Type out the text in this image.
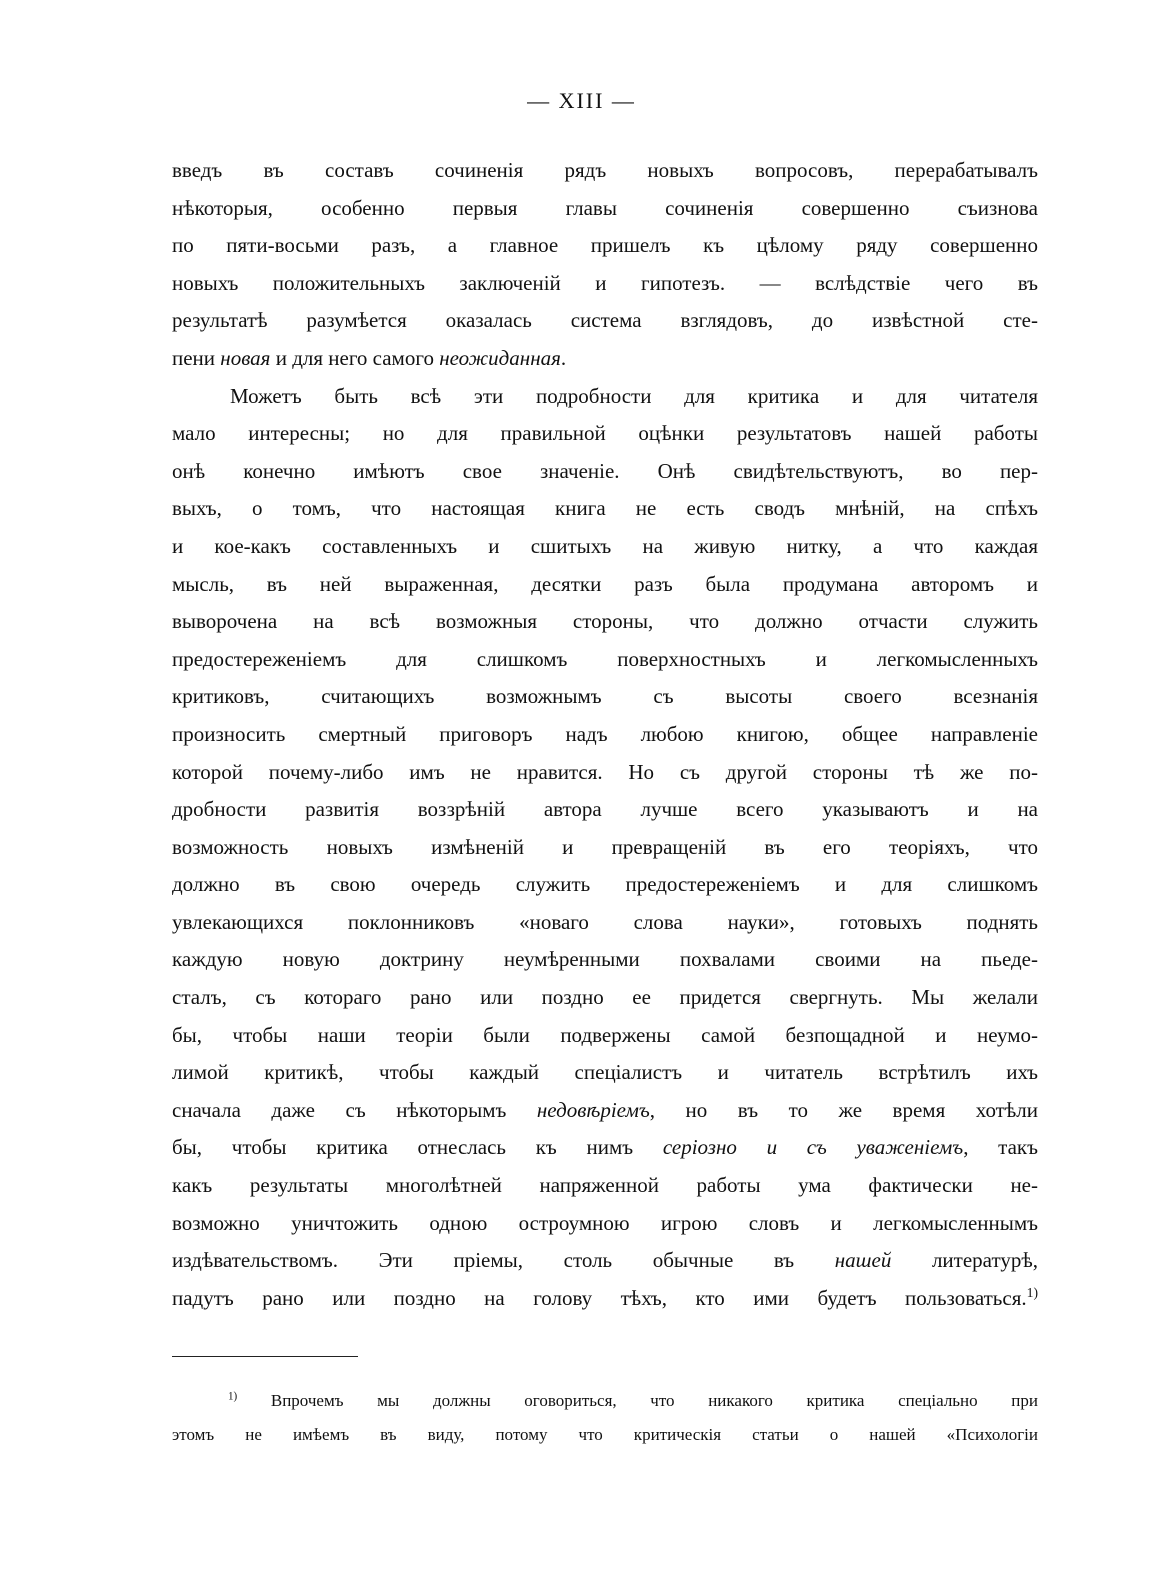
— XIII —
введъ въ составъ сочиненія рядъ новыхъ вопросовъ, перерабатывалъ
нѣкоторыя, особенно первыя главы сочиненія совершенно съизнова
по пяти-восьми разъ, а главное пришелъ къ цѣлому ряду совершенно
новыхъ положительныхъ заключеній и гипотезъ. — вслѣдствіе чего въ
результатѣ разумѣется оказалась система взглядовъ, до извѣстной сте-
пени новая и для него самого неожиданная.
Можетъ быть всѣ эти подробности для критика и для читателя
мало интересны; но для правильной оцѣнки результатовъ нашей работы
онѣ конечно имѣютъ свое значеніе. Онѣ свидѣтельствуютъ, во пер-
выхъ, о томъ, что настоящая книга не есть сводъ мнѣній, на спѣхъ
и кое-какъ составленныхъ и сшитыхъ на живую нитку, а что каждая
мысль, въ ней выраженная, десятки разъ была продумана авторомъ и
выворочена на всѣ возможныя стороны, что должно отчасти служить
предостереженіемъ для слишкомъ поверхностныхъ и легкомысленныхъ
критиковъ, считающихъ возможнымъ съ высоты своего всезнанія
произносить смертный приговоръ надъ любою книгою, общее направленіе
которой почему-либо имъ не нравится. Но съ другой стороны тѣ же по-
дробности развитія воззрѣній автора лучше всего указываютъ и на
возможность новыхъ измѣненій и превращеній въ его теоріяхъ, что
должно въ свою очередь служить предостереженіемъ и для слишкомъ
увлекающихся поклонниковъ «новаго слова науки», готовыхъ поднять
каждую новую доктрину неумѣренными похвалами своими на пьеде-
сталъ, съ котораго рано или поздно ее придется свергнуть. Мы желали
бы, чтобы наши теоріи были подвержены самой безпощадной и неумо-
лимой критикѣ, чтобы каждый спеціалистъ и читатель встрѣтилъ ихъ
сначала даже съ нѣкоторымъ недовѣріемъ, но въ то же время хотѣли
бы, чтобы критика отнеслась къ нимъ серіозно и съ уваженіемъ, такъ
какъ результаты многолѣтней напряженной работы ума фактически не-
возможно уничтожить одною остроумною игрою словъ и легкомысленнымъ
издѣвательствомъ. Эти пріемы, столь обычные въ нашей литературѣ,
падутъ рано или поздно на голову тѣхъ, кто ими будетъ пользоваться.$^{1)}$
$^{1)}$ Впрочемъ мы должны оговориться, что никакого критика спеціально при
этомъ не имѣемъ въ виду, потому что критическія статьи о нашей «Психологіи
